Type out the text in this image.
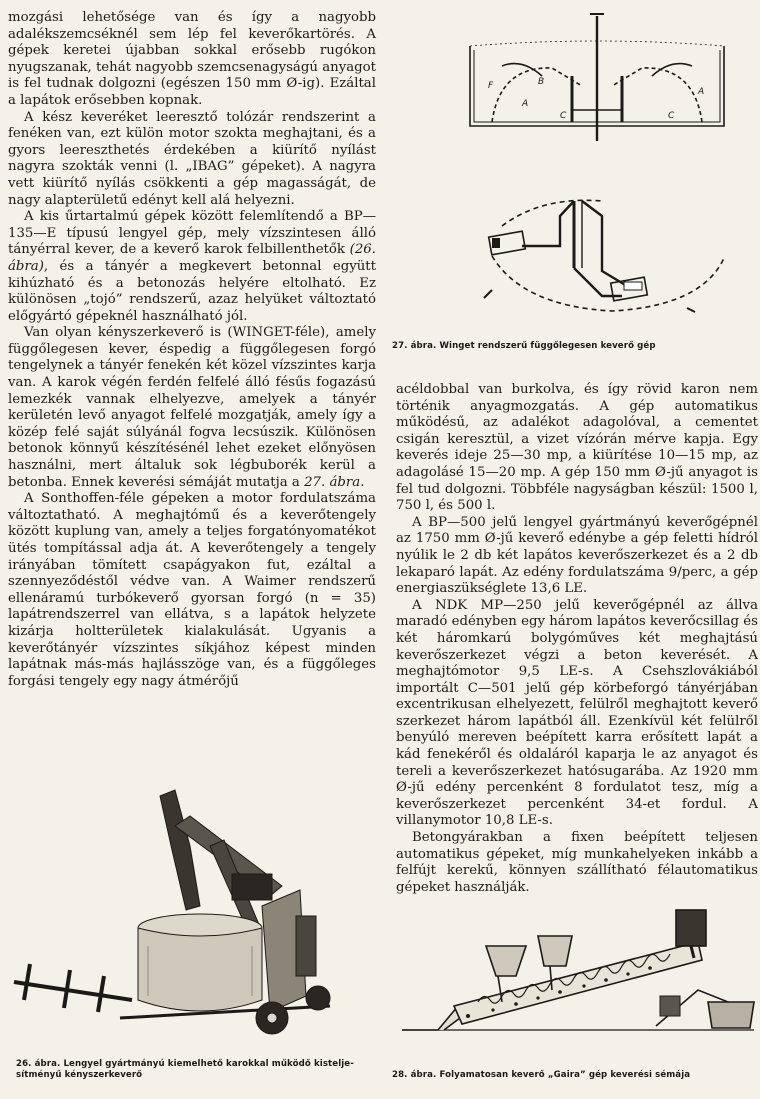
mozgási lehetősége van és így a nagyobb adalékszemcséknél sem lép fel keverőkartörés. A gépek keretei újabban sokkal erősebb rugókon nyugszanak, tehát nagyobb szemcsenagyságú anyagot is fel tudnak dolgozni (egészen 150 mm Ø-ig). Ezáltal a lapátok erősebben kopnak.

A kész keveréket leeresztő tolózár rendszerint a fenéken van, ezt külön motor szokta meghajtani, és a gyors leereszthetés érdekében a kiürítő nyílást nagyra szokták venni (l. „IBAG” gépeket). A nagyra vett kiürítő nyílás csökkenti a gép magasságát, de nagy alapterületű edényt kell alá helyezni.

A kis űrtartalmú gépek között felemlítendő a BP—135—E típusú lengyel gép, mely vízszintesen álló tányérral kever, de a keverő karok felbillenthetők (26. ábra), és a tányér a megkevert betonnal együtt kihúzható és a betonozás helyére eltolható. Ez különösen „tojó” rendszerű, azaz helyüket változtató előgyártó gépeknél használható jól.

Van olyan kényszerkeverő is (WINGET-féle), amely függőlegesen kever, éspedig a függőlegesen forgó tengelynek a tányér fenekén két közel vízszintes karja van. A karok végén ferdén felfelé álló fésűs fogazású lemezkék vannak elhelyezve, amelyek a tányér kerületén levő anyagot felfelé mozgatják, amely így a közép felé saját súlyánál fogva lecsúszik. Különösen betonok könnyű készítésénél lehet ezeket előnyösen használni, mert általuk sok légbuborék kerül a betonba. Ennek keverési sémáját mutatja a 27. ábra.

A Sonthoffen-féle gépeken a motor fordulatszáma változtatható. A meghajtómű és a keverőtengely között kuplung van, amely a teljes forgatónyomatékot ütés tompítással adja át. A keverőtengely a tengely irányában tömített csapágyakon fut, ezáltal a szennyeződéstől védve van. A Waimer rendszerű ellenáramú turbókeverő gyorsan forgó (n = 35) lapátrendszerrel van ellátva, s a lapátok helyzete kizárja holtterületek kialakulását. Ugyanis a keverőtányér vízszintes síkjához képest minden lapátnak más-más hajlásszöge van, és a függőleges forgási tengely egy nagy átmérőjű

F	B
A
C
A
C
27. ábra. Winget rendszerű függőlegesen keverő gép

acéldobbal van burkolva, és így rövid karon nem történik anyagmozgatás. A gép automatikus működésű, az adalékot adagolóval, a cementet csigán keresztül, a vizet vízórán mérve kapja. Egy keverés ideje 25—30 mp, a kiürítése 10—15 mp, az adagolásé 15—20 mp. A gép 150 mm Ø-jű anyagot is fel tud dolgozni. Többféle nagyságban készül: 1500 l, 750 l, és 500 l.

A BP—500 jelű lengyel gyártmányú keverőgépnél az 1750 mm Ø-jű keverő edénybe a gép feletti hídról nyúlik le 2 db két lapátos keverőszerkezet és a 2 db lekaparó lapát. Az edény fordulatszáma 9/perc, a gép energiaszükséglete 13,6 LE.

A NDK MP—250 jelű keverőgépnél az állva maradó edényben egy három lapátos keverőcsillag és két háromkarú bolygóműves két meghajtású keverőszerkezet végzi a beton keverését. A meghajtómotor 9,5 LE-s. A Csehszlovákiából importált C—501 jelű gép körbeforgó tányérjában excentrikusan elhelyezett, felülről meghajtott keverő szerkezet három lapátból áll. Ezenkívül két felülről benyúló mereven beépített karra erősített lapát a kád fenekéről és oldaláról kaparja le az anyagot és tereli a keverőszerkezet hatósugarába. Az 1920 mm Ø-jű edény percenként 8 fordulatot tesz, míg a keverőszerkezet percenként 34-et fordul. A villanymotor 10,8 LE-s.

Betongyárakban a fixen beépített teljesen automatikus gépeket, míg munkahelyeken inkább a felfújt kerekű, könnyen szállítható félautomatikus gépeket használják.

26. ábra. Lengyel gyártmányú kiemelhető karokkal működő kisteljesítményű kényszerkeverő	28. ábra. Folyamatosan keverő „Gaira” gép keverési sémája
